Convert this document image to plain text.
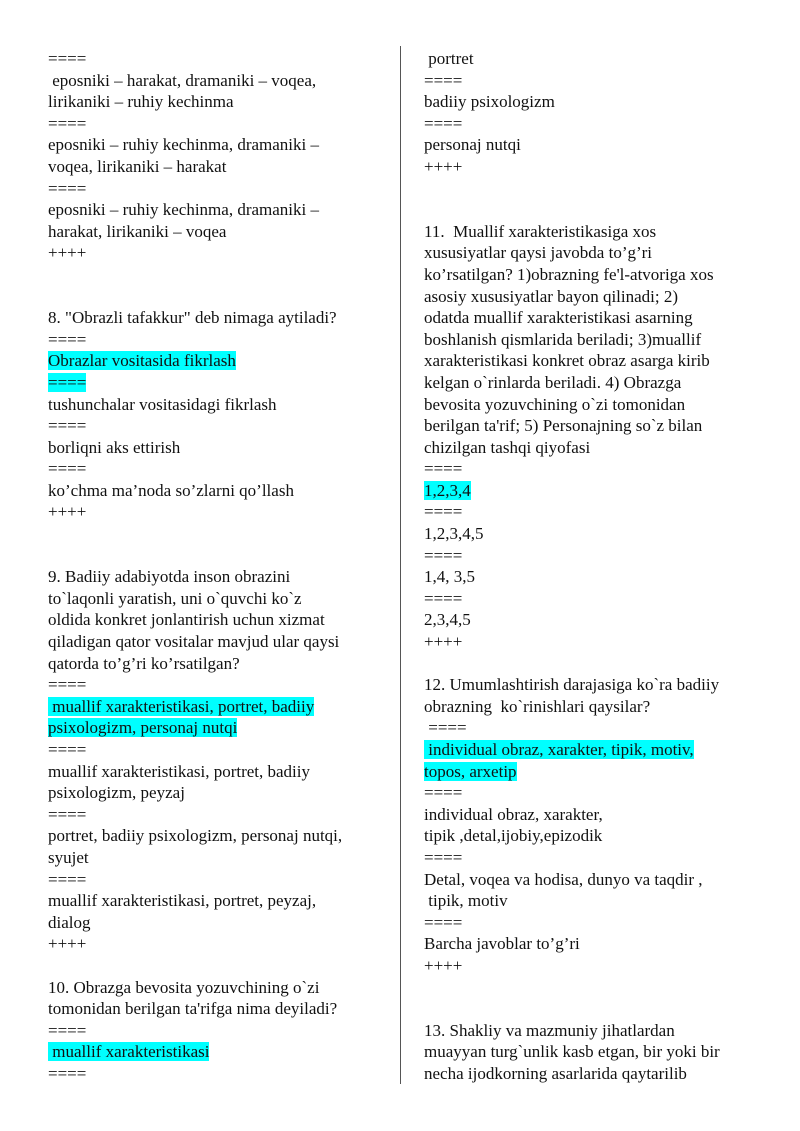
====
eposniki – harakat, dramaniki – voqea,
lirikaniki – ruhiy kechinma
====
eposniki – ruhiy kechinma, dramaniki –
voqea, lirikaniki – harakat
====
eposniki – ruhiy kechinma, dramaniki –
harakat, lirikaniki – voqea
++++
8. "Obrazli tafakkur" deb nimaga aytiladi?
====
Obrazlar vositasida fikrlash
====
tushunchalar vositasidagi fikrlash
====
borliqni aks ettirish
====
ko’chma ma’noda so’zlarni qo’llash
++++
9. Badiiy adabiyotda inson obrazini
to`laqonli yaratish, uni o`quvchi ko`z
oldida konkret jonlantirish uchun xizmat
qiladigan qator vositalar mavjud ular qaysi
qatorda to’g’ri ko’rsatilgan?
====
muallif xarakteristikasi, portret, badiiy
psixologizm, personaj nutqi
====
muallif xarakteristikasi, portret, badiiy
psixologizm, peyzaj
====
portret, badiiy psixologizm, personaj nutqi,
syujet
====
muallif xarakteristikasi, portret, peyzaj,
dialog
++++
10. Obrazga bevosita yozuvchining o`zi
tomonidan berilgan ta'rifga nima deyiladi?
====
muallif xarakteristikasi
====
portret
====
badiiy psixologizm
====
personaj nutqi
++++
11.  Muallif xarakteristikasiga xos
xususiyatlar qaysi javobda to’g’ri
ko’rsatilgan? 1)obrazning fe'l-atvoriga xos
asosiy xususiyatlar bayon qilinadi; 2)
odatda muallif xarakteristikasi asarning
boshlanish qismlarida beriladi; 3)muallif
xarakteristikasi konkret obraz asarga kirib
kelgan o`rinlarda beriladi. 4) Obrazga
bevosita yozuvchining o`zi tomonidan
berilgan ta'rif; 5) Personajning so`z bilan
chizilgan tashqi qiyofasi
====
1,2,3,4
====
1,2,3,4,5
====
1,4, 3,5
====
2,3,4,5
++++
12. Umumlashtirish darajasiga ko`ra badiiy
obrazning  ko`rinishlari qaysilar?
====
individual obraz, xarakter, tipik, motiv,
topos, arxetip
====
individual obraz, xarakter,
tipik ,detal,ijobiy,epizodik
====
Detal, voqea va hodisa, dunyo va taqdir ,
tipik, motiv
====
Barcha javoblar to’g’ri
++++
13. Shakliy va mazmuniy jihatlardan
muayyan turg`unlik kasb etgan, bir yoki bir
necha ijodkorning asarlarida qaytarilib
